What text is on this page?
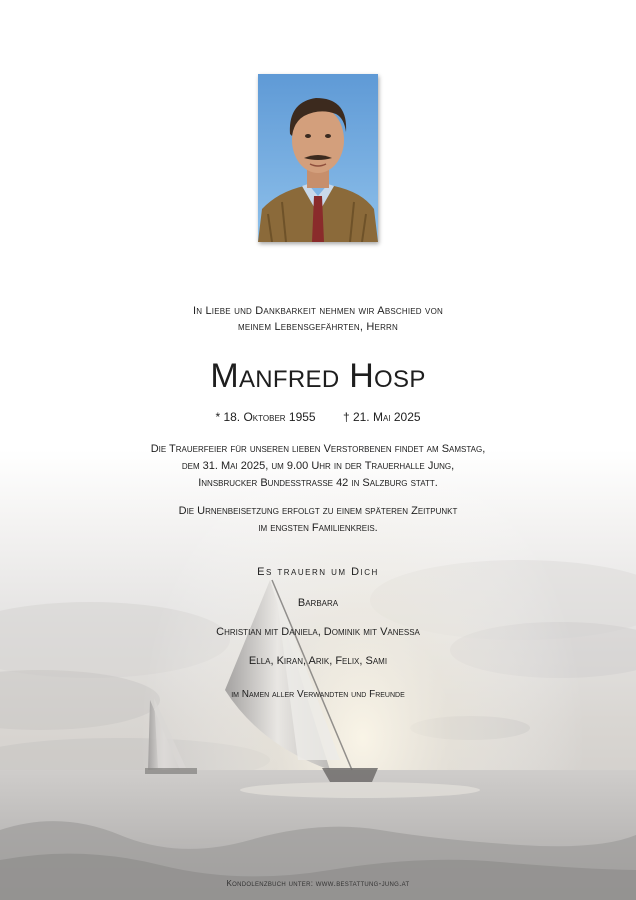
In Liebe und Dankbarkeit nehmen wir Abschied von
meinem Lebensgefährten, Herrn
Manfred Hosp
* 18. Oktober 1955 † 21. Mai 2025
Die Trauerfeier für unseren lieben Verstorbenen findet am Samstag,
dem 31. Mai 2025, um 9.00 Uhr in der Trauerhalle Jung,
Innsbrucker Bundesstrasse 42 in Salzburg statt.
Die Urnenbeisetzung erfolgt zu einem späteren Zeitpunkt
im engsten Familienkreis.
Es trauern um Dich
Barbara
Christian mit Daniela, Dominik mit Vanessa
Ella, Kiran, Arik, Felix, Sami
im Namen aller Verwandten und Freunde
Kondolenzbuch unter: www.bestattung-jung.at
